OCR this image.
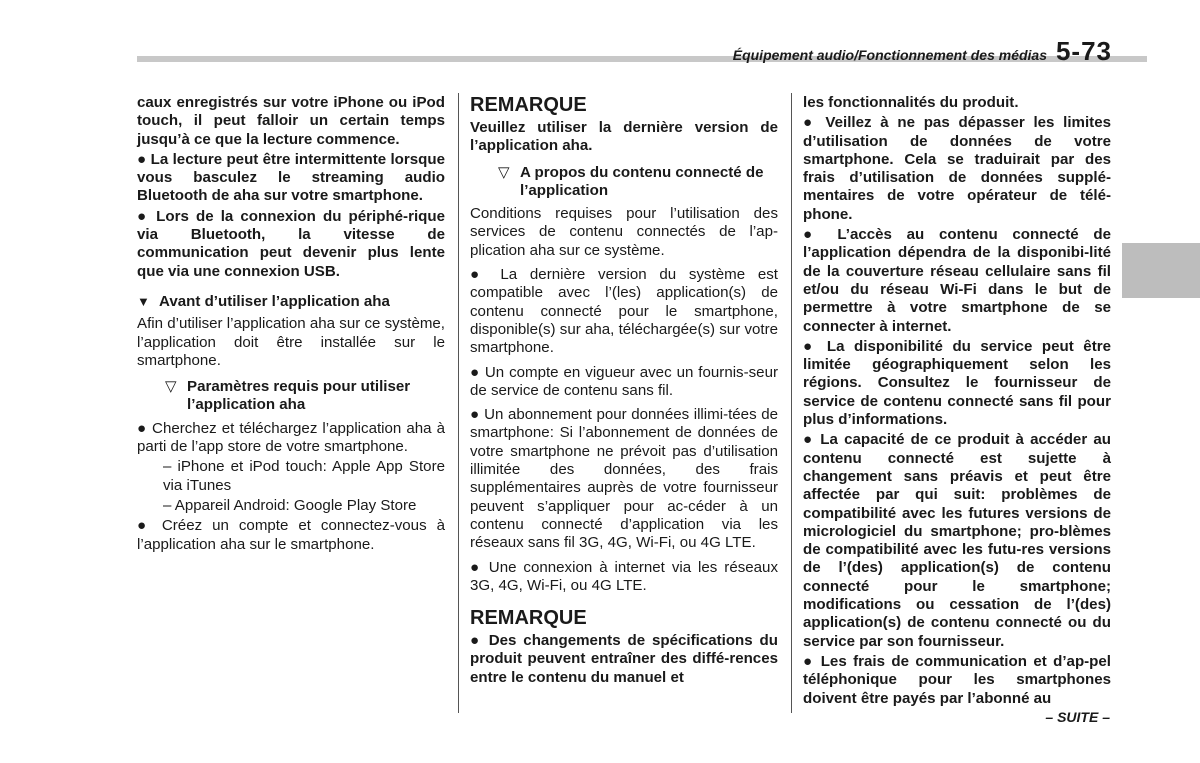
Équipement audio/Fonctionnement des médias 5-73

caux enregistrés sur votre iPhone ou iPod touch, il peut falloir un certain temps jusqu’à ce que la lecture commence.

● La lecture peut être intermittente lorsque vous basculez le streaming audio Bluetooth de aha sur votre smartphone.

● Lors de la connexion du périphé-rique via Bluetooth, la vitesse de communication peut devenir plus lente que via une connexion USB.

▼ Avant d’utiliser l’application aha

Afin d’utiliser l’application aha sur ce système, l’application doit être installée sur le smartphone.

▽ Paramètres requis pour utiliser l’application aha

● Cherchez et téléchargez l’application aha à parti de l’app store de votre smartphone.

– iPhone et iPod touch: Apple App Store via iTunes

– Appareil Android: Google Play Store

● Créez un compte et connectez-vous à l’application aha sur le smartphone.

REMARQUE

Veuillez utiliser la dernière version de l’application aha.

▽ A propos du contenu connecté de l’application

Conditions requises pour l’utilisation des services de contenu connectés de l’ap-plication aha sur ce système.

● La dernière version du système est compatible avec l’(les) application(s) de contenu connecté pour le smartphone, disponible(s) sur aha, téléchargée(s) sur votre smartphone.

● Un compte en vigueur avec un fournis-seur de service de contenu sans fil.

● Un abonnement pour données illimi-tées de smartphone: Si l’abonnement de données de votre smartphone ne prévoit pas d’utilisation illimitée des données, des frais supplémentaires auprès de votre fournisseur peuvent s’appliquer pour ac-céder à un contenu connecté d’application via les réseaux sans fil 3G, 4G, Wi-Fi, ou 4G LTE.

● Une connexion à internet via les réseaux 3G, 4G, Wi-Fi, ou 4G LTE.

REMARQUE

● Des changements de spécifications du produit peuvent entraîner des diffé-rences entre le contenu du manuel et

les fonctionnalités du produit.

● Veillez à ne pas dépasser les limites d’utilisation de données de votre smartphone. Cela se traduirait par des frais d’utilisation de données supplé-mentaires de votre opérateur de télé-phone.

● L’accès au contenu connecté de l’application dépendra de la disponibi-lité de la couverture réseau cellulaire sans fil et/ou du réseau Wi-Fi dans le but de permettre à votre smartphone de se connecter à internet.

● La disponibilité du service peut être limitée géographiquement selon les régions. Consultez le fournisseur de service de contenu connecté sans fil pour plus d’informations.

● La capacité de ce produit à accéder au contenu connecté est sujette à changement sans préavis et peut être affectée par qui suit: problèmes de compatibilité avec les futures versions de micrologiciel du smartphone; pro-blèmes de compatibilité avec les futu-res versions de l’(des) application(s) de contenu connecté pour le smartphone; modifications ou cessation de l’(des) application(s) de contenu connecté ou du service par son fournisseur.

● Les frais de communication et d’ap-pel téléphonique pour les smartphones doivent être payés par l’abonné au

– SUITE –
